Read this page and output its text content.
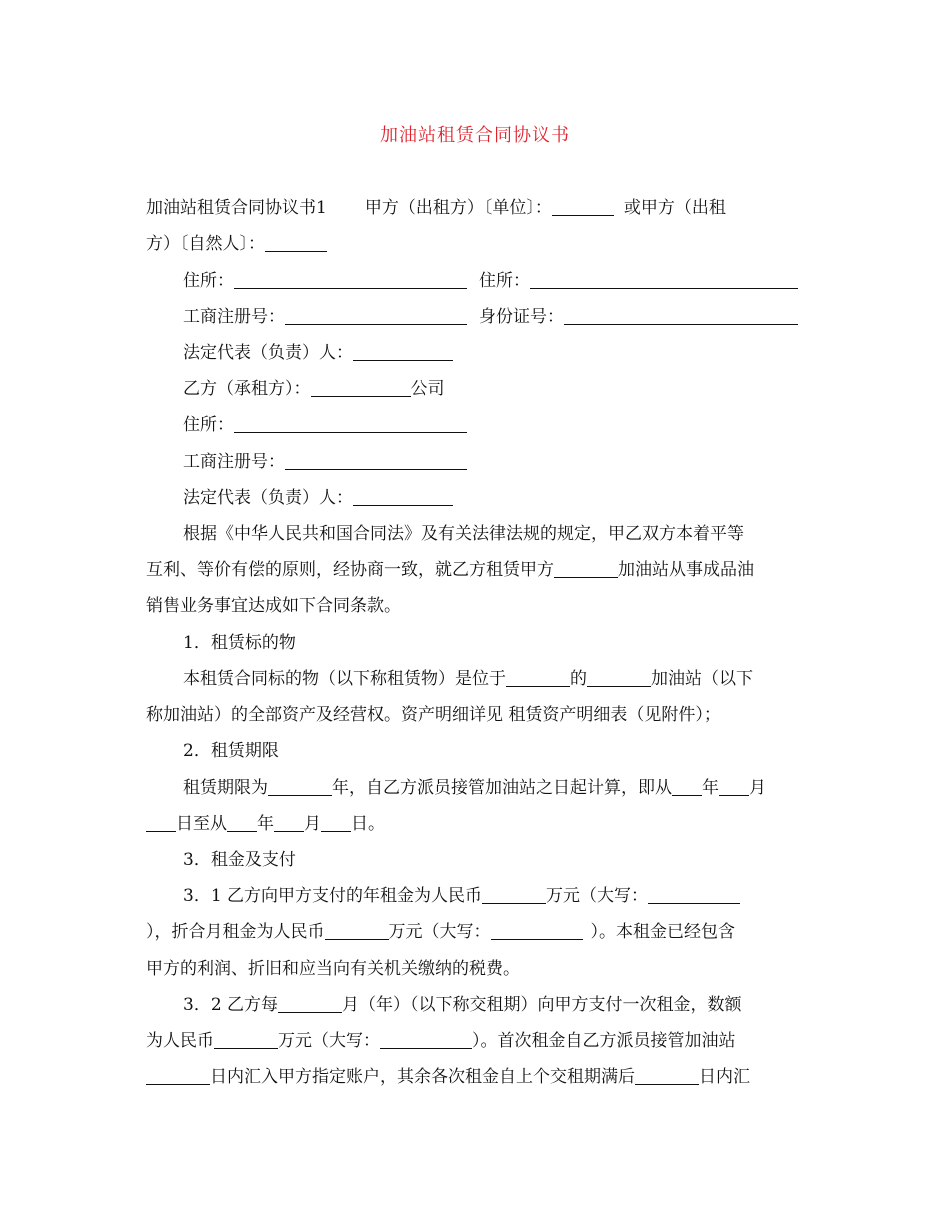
加油站租赁合同协议书
加油站租赁合同协议书1 甲方（出租方）〔单位〕：	或甲方（出租
方）〔自然人〕：
住所：	住所：
工商注册号：	身份证号：
法定代表（负责）人：
乙方（承租方）：	公司
住所：
工商注册号：
法定代表（负责）人：
根据《中华人民共和国合同法》及有关法律法规的规定，甲乙双方本着平等
互利、等价有偿的原则，经协商一致，就乙方租赁甲方	加油站从事成品油
销售业务事宜达成如下合同条款。
1．租赁标的物
本租赁合同标的物（以下称租赁物）是位于	的	加油站（以下
称加油站）的全部资产及经营权。资产明细详见 租赁资产明细表（见附件）；
2．租赁期限
租赁期限为	年，自乙方派员接管加油站之日起计算，即从 年 月
日至从 年 月 日。
3．租金及支付
3．1 乙方向甲方支付的年租金为人民币	万元（大写：
），折合月租金为人民币	万元（大写：	）。本租金已经包含
甲方的利润、折旧和应当向有关机关缴纳的税费。
3．2 乙方每	月（年）（以下称交租期）向甲方支付一次租金，数额
为人民币	万元（大写：	）。首次租金自乙方派员接管加油站
日内汇入甲方指定账户，其余各次租金自上个交租期满后	日内汇
